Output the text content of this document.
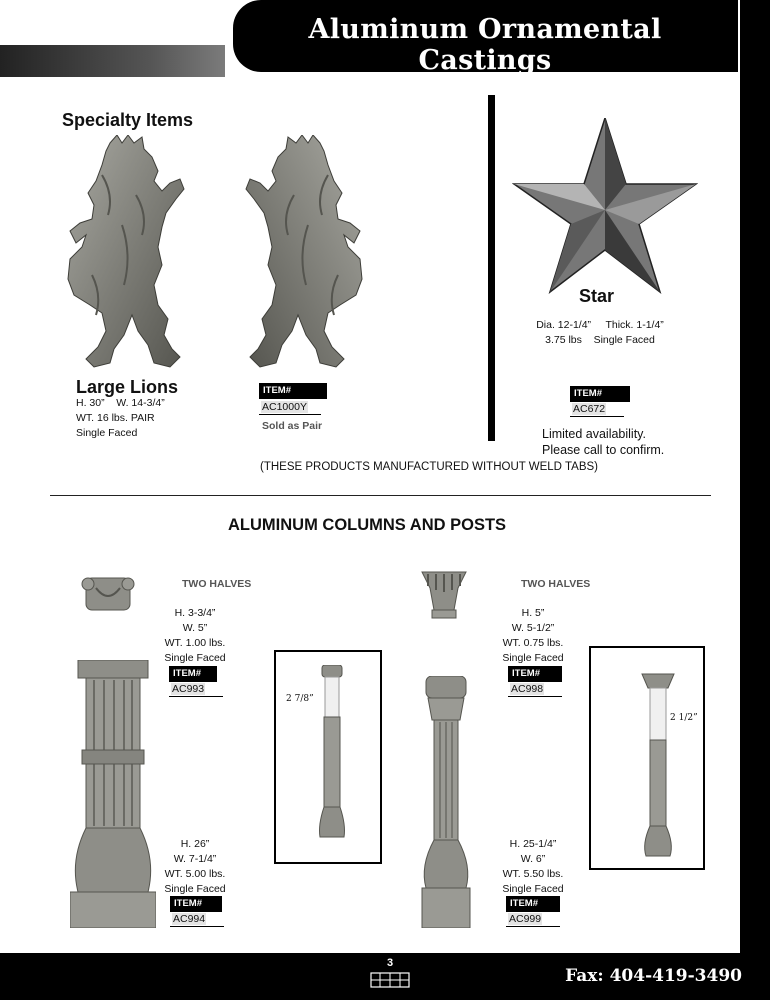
Aluminum Ornamental Castings
Specialty Items
Large Lions
H. 30”    W. 14-3/4”
WT. 16 lbs. PAIR
Single Faced
ITEM#
AC1000Y
Sold as Pair
Star
Dia. 12-1/4”     Thick. 1-1/4”
3.75 lbs    Single Faced
ITEM#
AC672
Limited availability.
Please call to confirm.
(THESE PRODUCTS MANUFACTURED WITHOUT WELD TABS)
ALUMINUM COLUMNS AND POSTS
TWO HALVES
H. 3-3/4”
W. 5”
WT. 1.00 lbs.
Single Faced
ITEM#
AC993
H. 26”
W. 7-1/4”
WT. 5.00 lbs.
Single Faced
ITEM#
AC994
2 7/8”
TWO HALVES
H. 5”
W. 5-1/2”
WT. 0.75 lbs.
Single Faced
ITEM#
AC998
H. 25-1/4”
W. 6”
WT. 5.50 lbs.
Single Faced
ITEM#
AC999
2 1/2”
3
Fax: 404-419-3490
